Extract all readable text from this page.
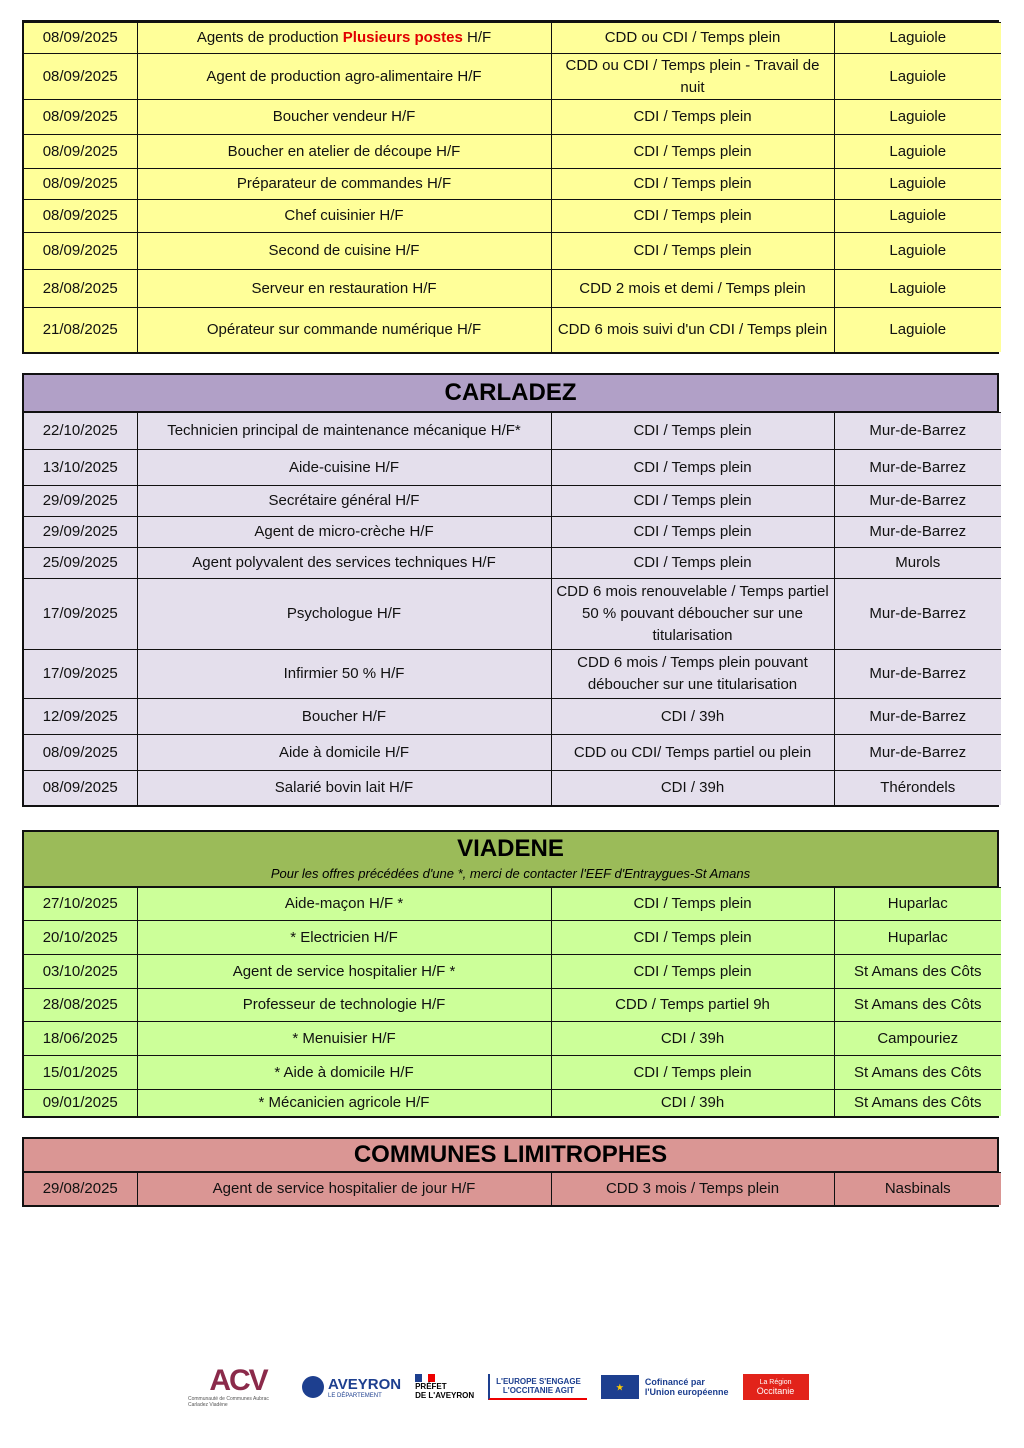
08/09/2025	Agents de production Plusieurs postes H/F	CDD ou CDI / Temps plein	Laguiole
08/09/2025	Agent de production agro-alimentaire H/F	CDD ou CDI / Temps plein - Travail de nuit	Laguiole
08/09/2025	Boucher vendeur H/F	CDI / Temps plein	Laguiole
08/09/2025	Boucher en atelier de découpe H/F	CDI / Temps plein	Laguiole
08/09/2025	Préparateur de commandes H/F	CDI / Temps plein	Laguiole
08/09/2025	Chef cuisinier H/F	CDI / Temps plein	Laguiole
08/09/2025	Second de cuisine H/F	CDI / Temps plein	Laguiole
28/08/2025	Serveur en restauration H/F	CDD 2 mois et demi / Temps plein	Laguiole
21/08/2025	Opérateur sur commande numérique H/F	CDD 6 mois suivi d'un CDI / Temps plein	Laguiole
CARLADEZ
22/10/2025	Technicien principal de maintenance mécanique H/F*	CDI / Temps plein	Mur-de-Barrez
13/10/2025	Aide-cuisine H/F	CDI / Temps plein	Mur-de-Barrez
29/09/2025	Secrétaire général H/F	CDI / Temps plein	Mur-de-Barrez
29/09/2025	Agent de micro-crèche H/F	CDI / Temps plein	Mur-de-Barrez
25/09/2025	Agent polyvalent des services techniques H/F	CDI / Temps plein	Murols
17/09/2025	Psychologue H/F	CDD 6 mois renouvelable / Temps partiel 50 % pouvant déboucher sur une titularisation	Mur-de-Barrez
17/09/2025	Infirmier 50 % H/F	CDD 6 mois / Temps plein pouvant déboucher sur une titularisation	Mur-de-Barrez
12/09/2025	Boucher H/F	CDI / 39h	Mur-de-Barrez
08/09/2025	Aide à domicile H/F	CDD ou CDI/ Temps partiel ou plein	Mur-de-Barrez
08/09/2025	Salarié bovin lait H/F	CDI / 39h	Thérondels
VIADENE
Pour les offres précédées d'une *, merci de contacter l'EEF d'Entraygues-St Amans
27/10/2025	Aide-maçon H/F *	CDI / Temps plein	Huparlac
20/10/2025	* Electricien H/F	CDI / Temps plein	Huparlac
03/10/2025	Agent de service hospitalier H/F *	CDI / Temps plein	St Amans des Côts
28/08/2025	Professeur de technologie H/F	CDD / Temps partiel 9h	St Amans des Côts
18/06/2025	* Menuisier H/F	CDI / 39h	Campouriez
15/01/2025	* Aide à domicile H/F	CDI / Temps plein	St Amans des Côts
09/01/2025	* Mécanicien agricole H/F	CDI / 39h	St Amans des Côts
COMMUNES LIMITROPHES
29/08/2025	Agent de service hospitalier de jour H/F	CDD 3 mois / Temps plein	Nasbinals
ACV
Communauté de Communes Aubrac Carladez Viadène
AVEYRON
LE DÉPARTEMENT
PRÉFET
DE L'AVEYRON
L'EUROPE S'ENGAGE
L'OCCITANIE AGIT	★	Cofinancé par
l'Union européenne
La Région
Occitanie
